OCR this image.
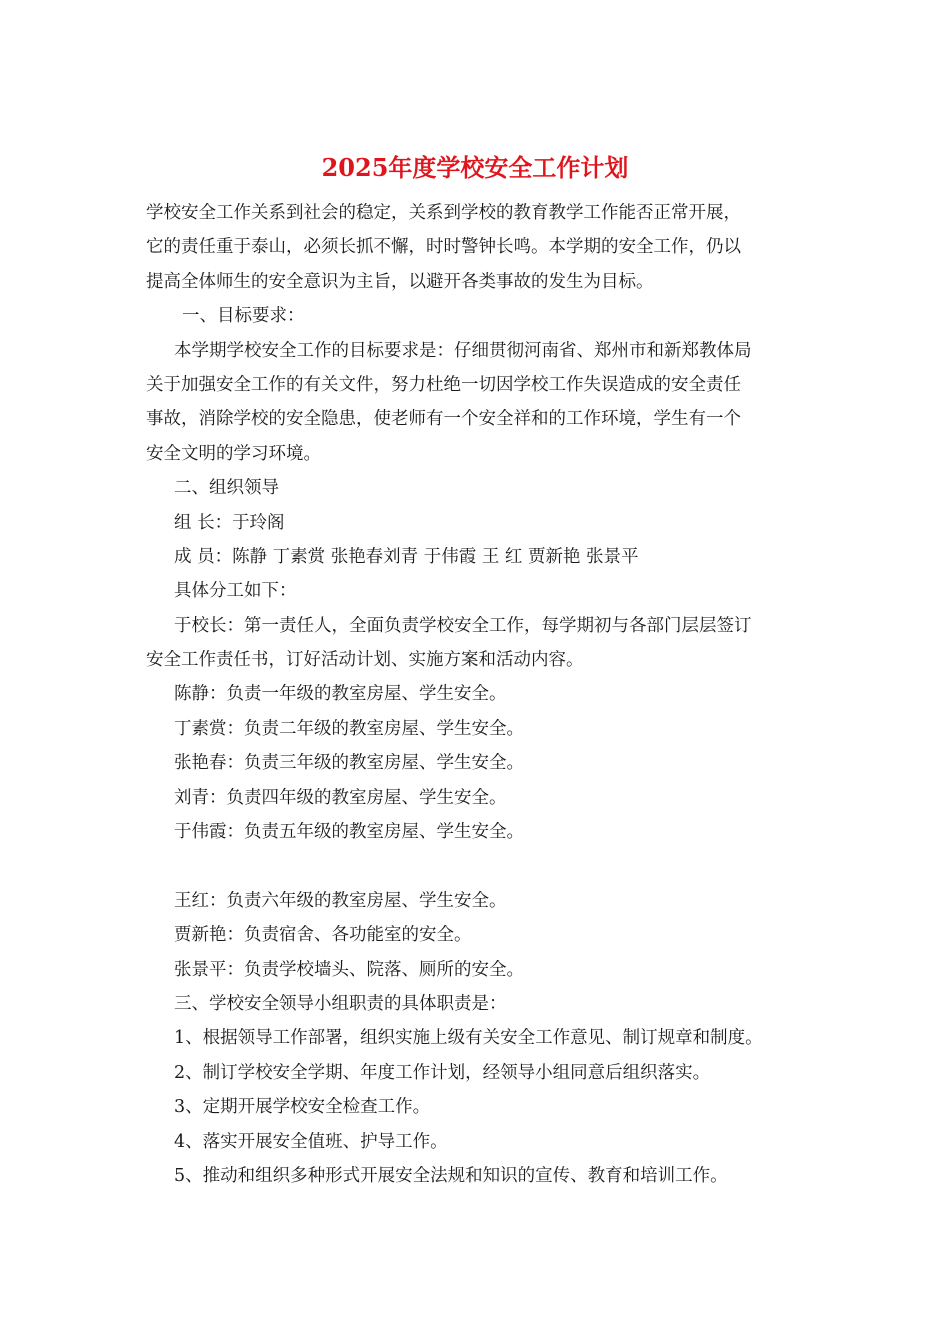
2025年度学校安全工作计划
学校安全工作关系到社会的稳定，关系到学校的教育教学工作能否正常开展，
它的责任重于泰山，必须长抓不懈，时时警钟长鸣。本学期的安全工作，仍以
提高全体师生的安全意识为主旨，以避开各类事故的发生为目标。
一、目标要求：
本学期学校安全工作的目标要求是：仔细贯彻河南省、郑州市和新郑教体局
关于加强安全工作的有关文件，努力杜绝一切因学校工作失误造成的安全责任
事故，消除学校的安全隐患，使老师有一个安全祥和的工作环境，学生有一个
安全文明的学习环境。
二、组织领导
组 长：于玲阁
成 员：陈静 丁素赏 张艳春刘青 于伟霞 王 红 贾新艳 张景平
具体分工如下：
于校长：第一责任人，全面负责学校安全工作，每学期初与各部门层层签订
安全工作责任书，订好活动计划、实施方案和活动内容。
陈静：负责一年级的教室房屋、学生安全。
丁素赏：负责二年级的教室房屋、学生安全。
张艳春：负责三年级的教室房屋、学生安全。
刘青：负责四年级的教室房屋、学生安全。
于伟霞：负责五年级的教室房屋、学生安全。
王红：负责六年级的教室房屋、学生安全。
贾新艳：负责宿舍、各功能室的安全。
张景平：负责学校墙头、院落、厕所的安全。
三、学校安全领导小组职责的具体职责是：
1、根据领导工作部署，组织实施上级有关安全工作意见、制订规章和制度。
2、制订学校安全学期、年度工作计划，经领导小组同意后组织落实。
3、定期开展学校安全检查工作。
4、落实开展安全值班、护导工作。
5、推动和组织多种形式开展安全法规和知识的宣传、教育和培训工作。
